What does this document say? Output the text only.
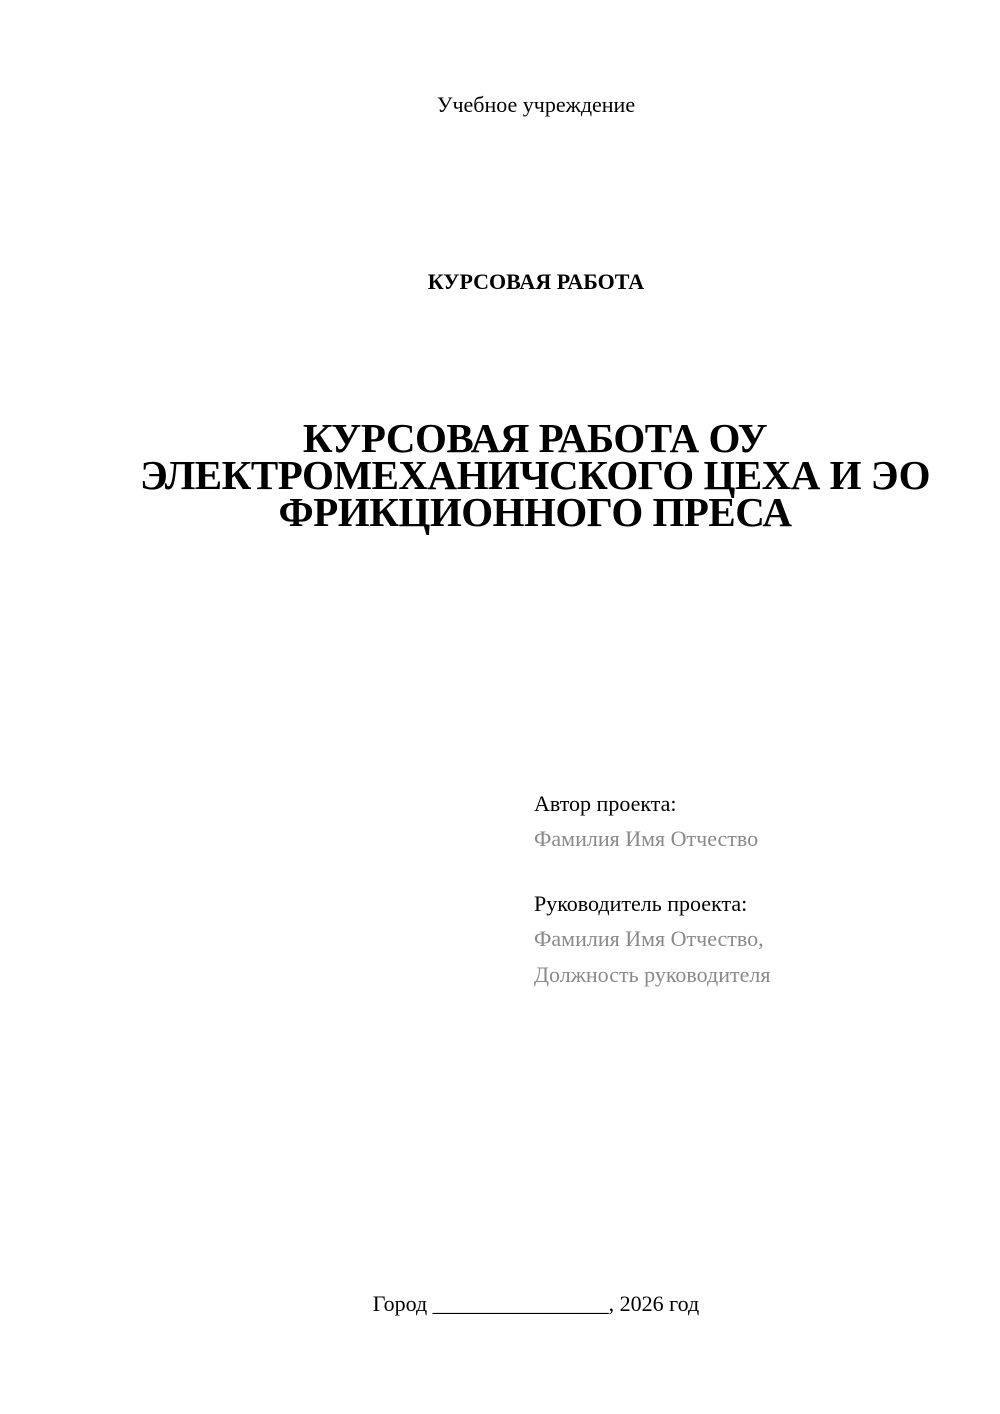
Учебное учреждение
КУРСОВАЯ РАБОТА
КУРСОВАЯ РАБОТА ОУ
ЭЛЕКТРОМЕХАНИЧСКОГО ЦЕХА И ЭО
ФРИКЦИОННОГО ПРЕСА
Автор проекта:
Фамилия Имя Отчество
Руководитель проекта:
Фамилия Имя Отчество,
Должность руководителя
Город ________________, 2026 год
